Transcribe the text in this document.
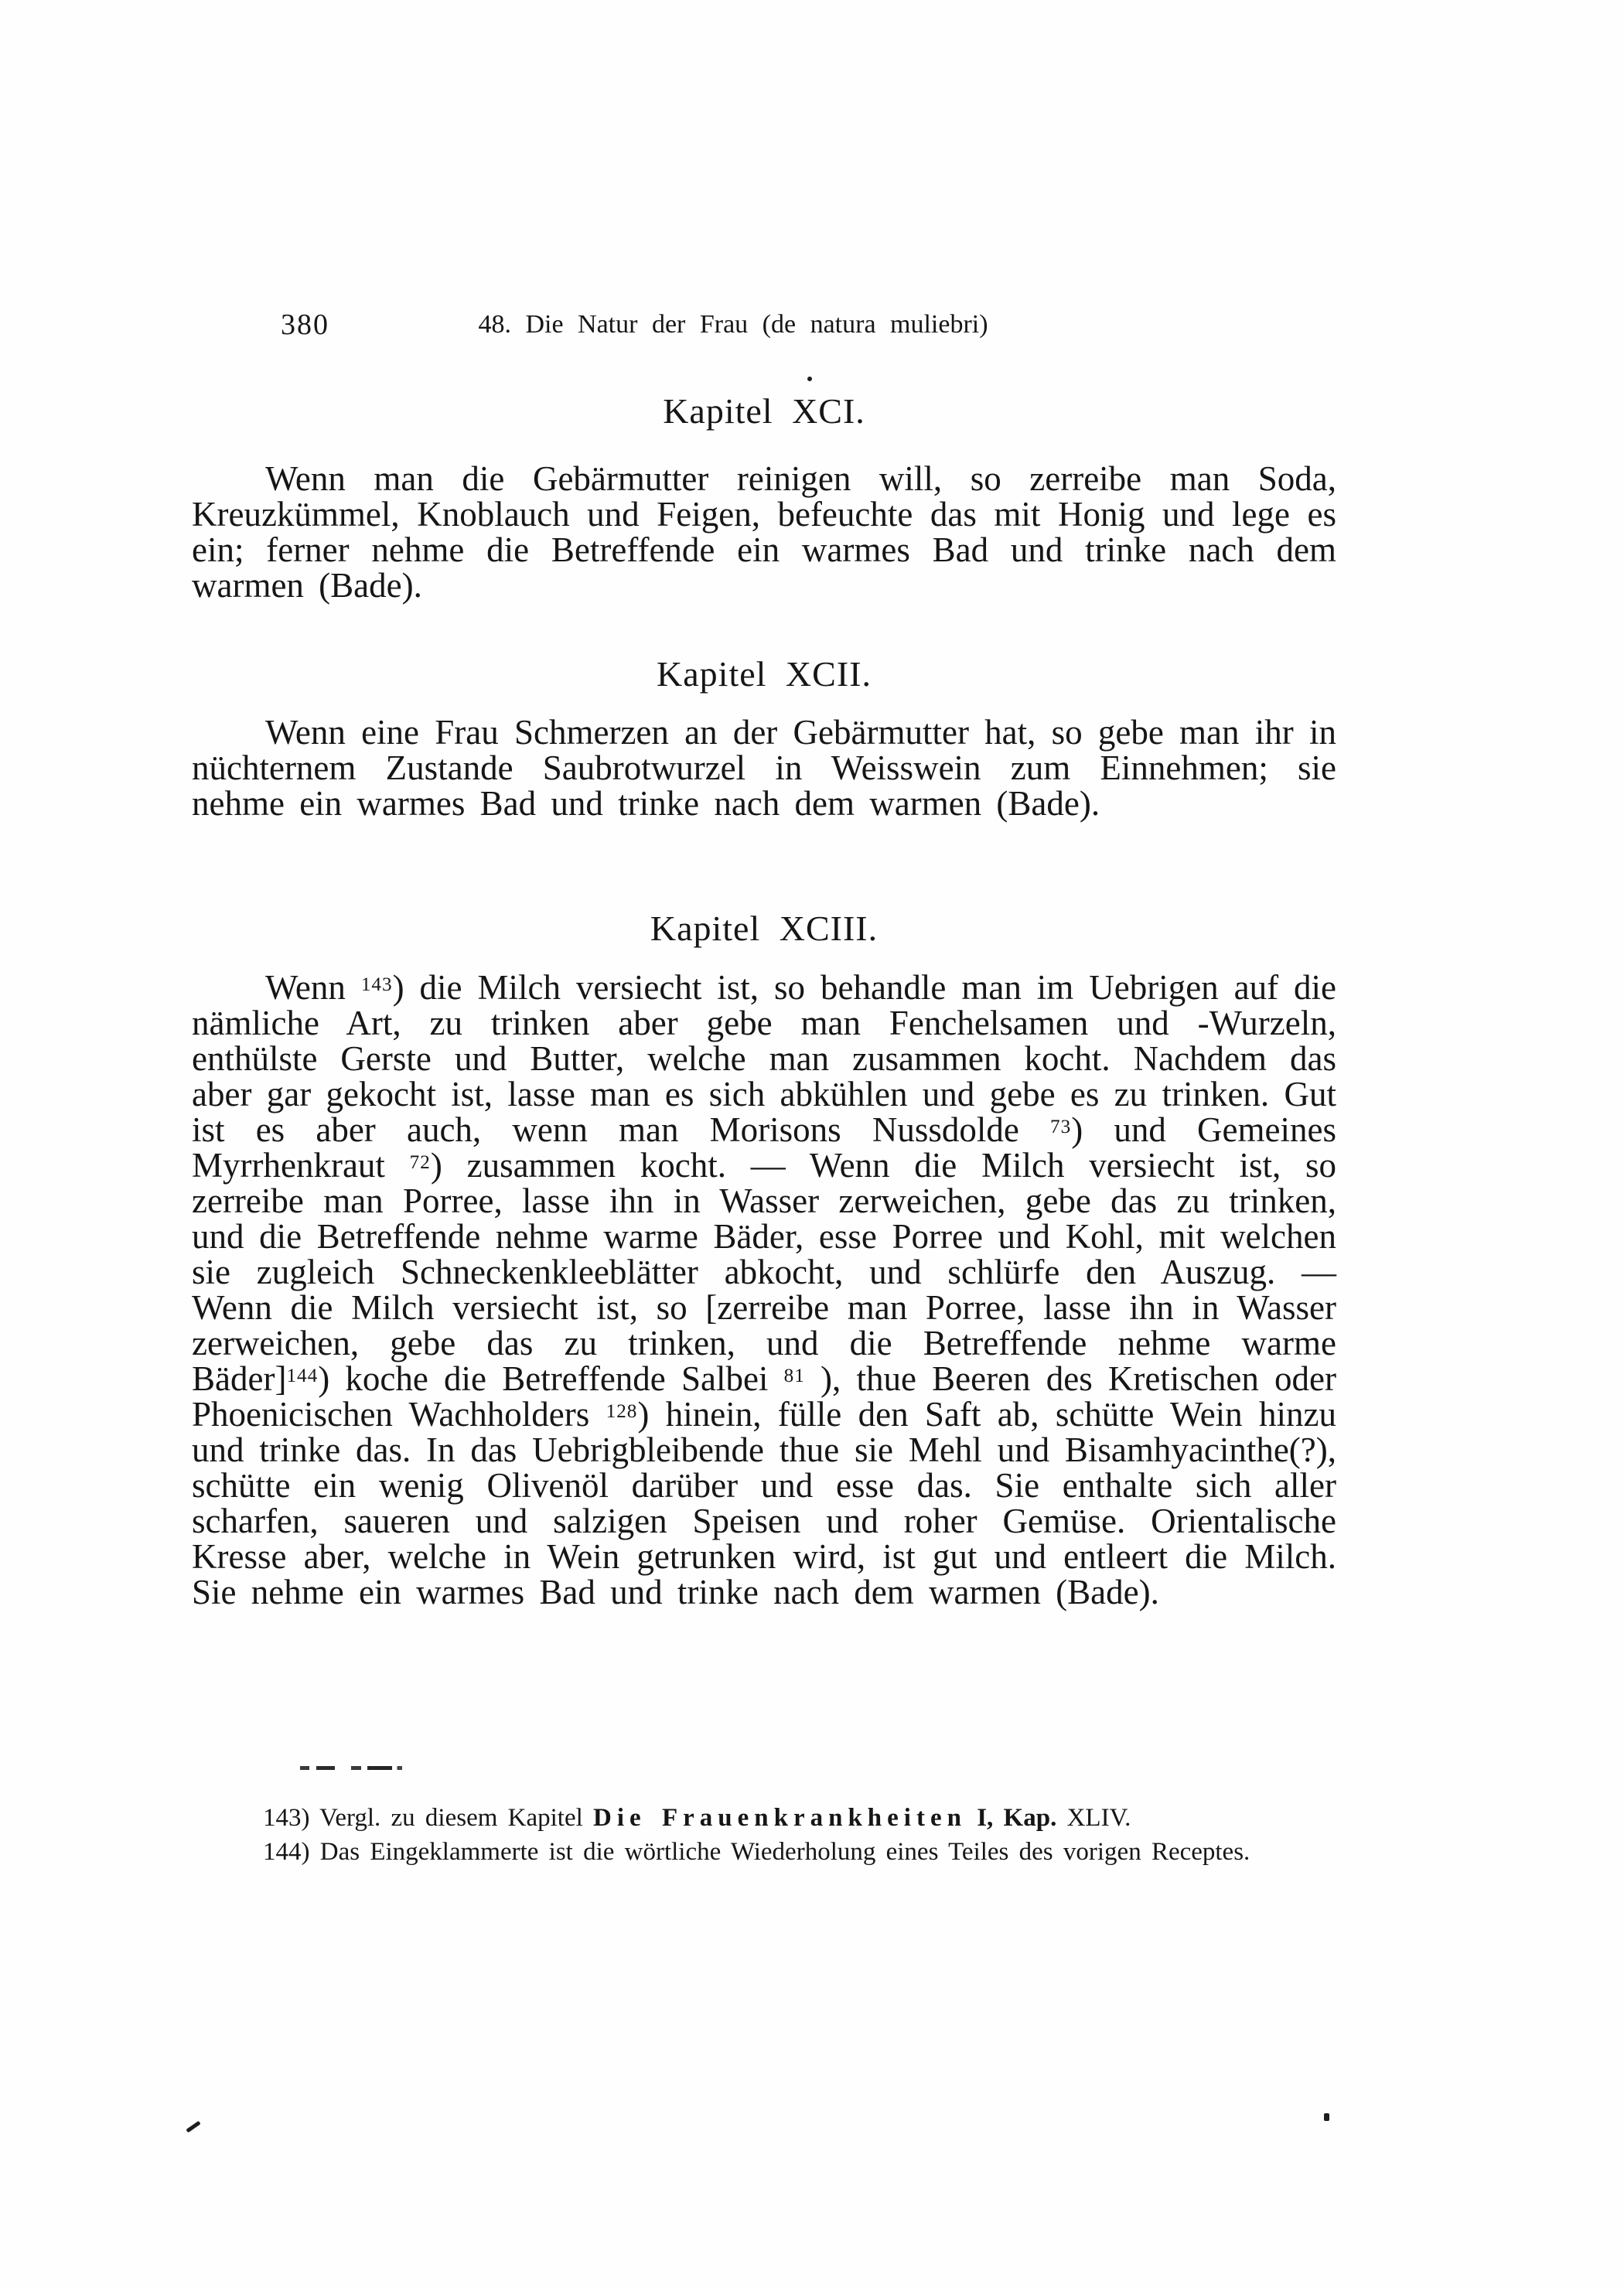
380	48. Die Natur der Frau (de natura muliebri)
Kapitel XCI.

Wenn man die Gebärmutter reinigen will, so zerreibe man Soda, Kreuzkümmel, Knoblauch und Feigen, befeuchte das mit Honig und lege es ein; ferner nehme die Betreffende ein warmes Bad und trinke nach dem warmen (Bade).

Kapitel XCII.

Wenn eine Frau Schmerzen an der Gebärmutter hat, so gebe man ihr in nüchternem Zustande Saubrotwurzel in Weisswein zum Einnehmen; sie nehme ein warmes Bad und trinke nach dem warmen (Bade).

Kapitel XCIII.

Wenn $^{143}$) die Milch versiecht ist, so behandle man im Uebrigen auf die nämliche Art, zu trinken aber gebe man Fenchelsamen und -Wurzeln, enthülste Gerste und Butter, welche man zusammen kocht. Nachdem das aber gar gekocht ist, lasse man es sich abkühlen und gebe es zu trinken. Gut ist es aber auch, wenn man Morisons Nussdolde $^{73}$) und Gemeines Myrrhenkraut $^{72}$) zusammen kocht. — Wenn die Milch versiecht ist, so zerreibe man Porree, lasse ihn in Wasser zerweichen, gebe das zu trinken, und die Betreffende nehme warme Bäder, esse Porree und Kohl, mit welchen sie zugleich Schneckenkleeblätter abkocht, und schlürfe den Auszug. — Wenn die Milch versiecht ist, so [zerreibe man Porree, lasse ihn in Wasser zerweichen, gebe das zu trinken, und die Betreffende nehme warme Bäder]$^{144}$) koche die Betreffende Salbei $^{81}$ ), thue Beeren des Kretischen oder Phoenicischen Wachholders $^{128}$) hinein, fülle den Saft ab, schütte Wein hinzu und trinke das. In das Uebrigbleibende thue sie Mehl und Bisamhyacinthe(?), schütte ein wenig Olivenöl darüber und esse das. Sie enthalte sich aller scharfen, saueren und salzigen Speisen und roher Gemüse. Orientalische Kresse aber, welche in Wein getrunken wird, ist gut und entleert die Milch. Sie nehme ein warmes Bad und trinke nach dem warmen (Bade).

143) Vergl. zu diesem Kapitel Die Frauenkrankheiten I, Kap. XLIV.

144) Das Eingeklammerte ist die wörtliche Wiederholung eines Teiles des vorigen Receptes.
